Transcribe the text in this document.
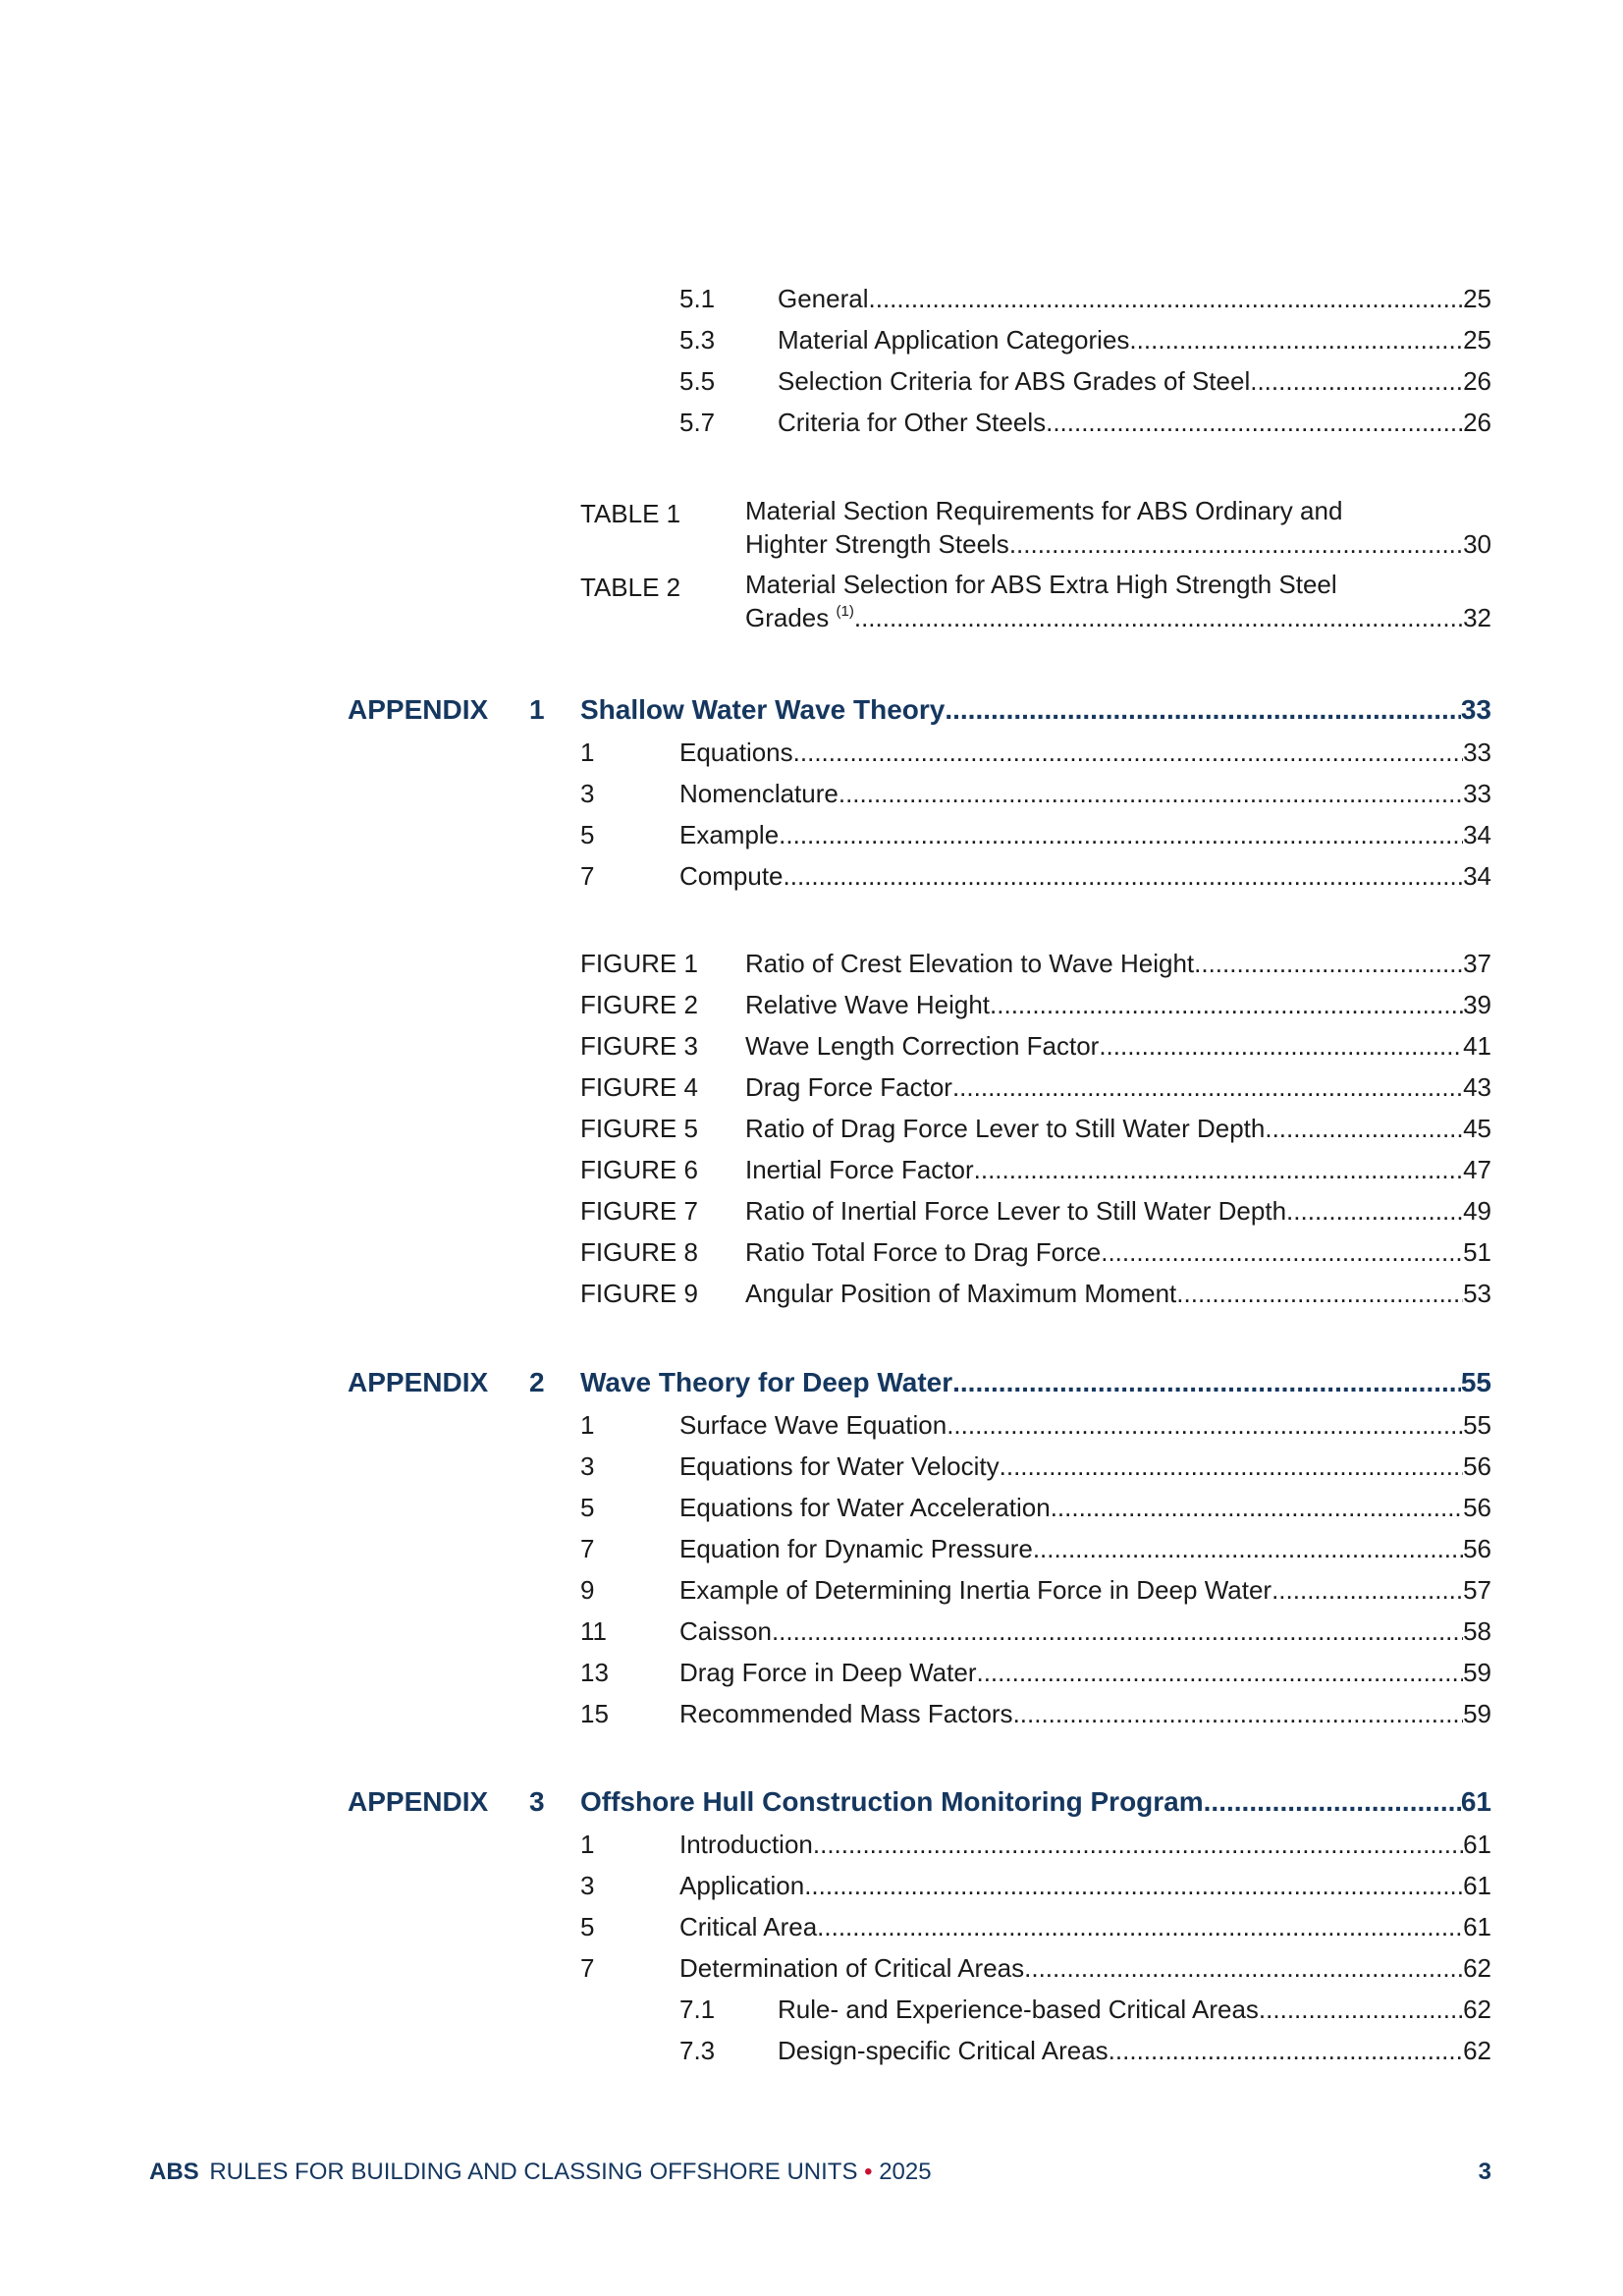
5.1 General .....	25
5.3 Material Application Categories .....	25
5.5 Selection Criteria for ABS Grades of Steel .....	26
5.7 Criteria for Other Steels .....	26
TABLE 1	Material Section Requirements for ABS Ordinary and
Highter Strength Steels .....	30
TABLE 2	Material Selection for ABS Extra High Strength Steel
Grades $^{(1)}$ .....	32
APPENDIX 1 Shallow Water Wave Theory .....	33
1	Equations .....	33
3	Nomenclature .....	33
5	Example .....	34
7	Compute .....	34
FIGURE 1 Ratio of Crest Elevation to Wave Height .....	37
FIGURE 2 Relative Wave Height .....	39
FIGURE 3 Wave Length Correction Factor .....	41
FIGURE 4 Drag Force Factor .....	43
FIGURE 5 Ratio of Drag Force Lever to Still Water Depth .....	45
FIGURE 6 Inertial Force Factor .....	47
FIGURE 7 Ratio of Inertial Force Lever to Still Water Depth .....	49
FIGURE 8 Ratio Total Force to Drag Force .....	51
FIGURE 9 Angular Position of Maximum Moment .....	53
APPENDIX 2 Wave Theory for Deep Water .....	55
1	Surface Wave Equation .....	55
3	Equations for Water Velocity .....	56
5	Equations for Water Acceleration .....	56
7	Equation for Dynamic Pressure .....	56
9	Example of Determining Inertia Force in Deep Water .....	57
11	Caisson .....	58
13	Drag Force in Deep Water .....	59
15	Recommended Mass Factors .....	59
APPENDIX 3 Offshore Hull Construction Monitoring Program .....	61
1	Introduction .....	61
3	Application .....	61
5	Critical Area .....	61
7	Determination of Critical Areas .....	62
7.1 Rule- and Experience-based Critical Areas .....	62
7.3 Design-specific Critical Areas .....	62
ABS RULES FOR BUILDING AND CLASSING OFFSHORE UNITS • 2025	3
